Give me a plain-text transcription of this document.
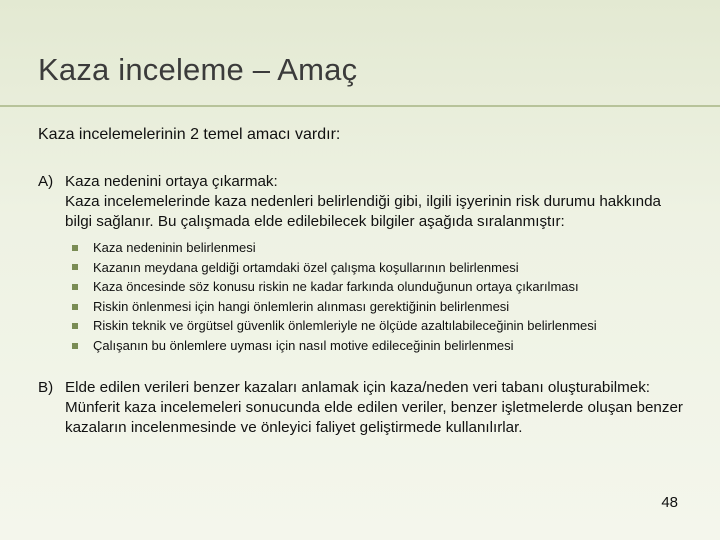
Kaza inceleme – Amaç
Kaza incelemelerinin 2 temel amacı vardır:
A) Kaza nedenini ortaya çıkarmak:
Kaza incelemelerinde kaza nedenleri belirlendiği gibi, ilgili işyerinin risk durumu hakkında bilgi sağlanır. Bu çalışmada elde edilebilecek bilgiler aşağıda sıralanmıştır:
Kaza nedeninin belirlenmesi
Kazanın meydana geldiği ortamdaki özel çalışma koşullarının belirlenmesi
Kaza öncesinde söz konusu riskin ne kadar farkında olunduğunun ortaya çıkarılması
Riskin önlenmesi için hangi önlemlerin alınması gerektiğinin belirlenmesi
Riskin teknik ve örgütsel güvenlik önlemleriyle ne ölçüde azaltılabileceğinin belirlenmesi
Çalışanın bu önlemlere uyması için nasıl motive edileceğinin belirlenmesi
B) Elde edilen verileri benzer kazaları anlamak için kaza/neden veri tabanı oluşturabilmek:
Münferit kaza incelemeleri sonucunda elde edilen veriler, benzer işletmelerde oluşan benzer kazaların incelenmesinde ve önleyici faliyet geliştirmede kullanılırlar.
48
